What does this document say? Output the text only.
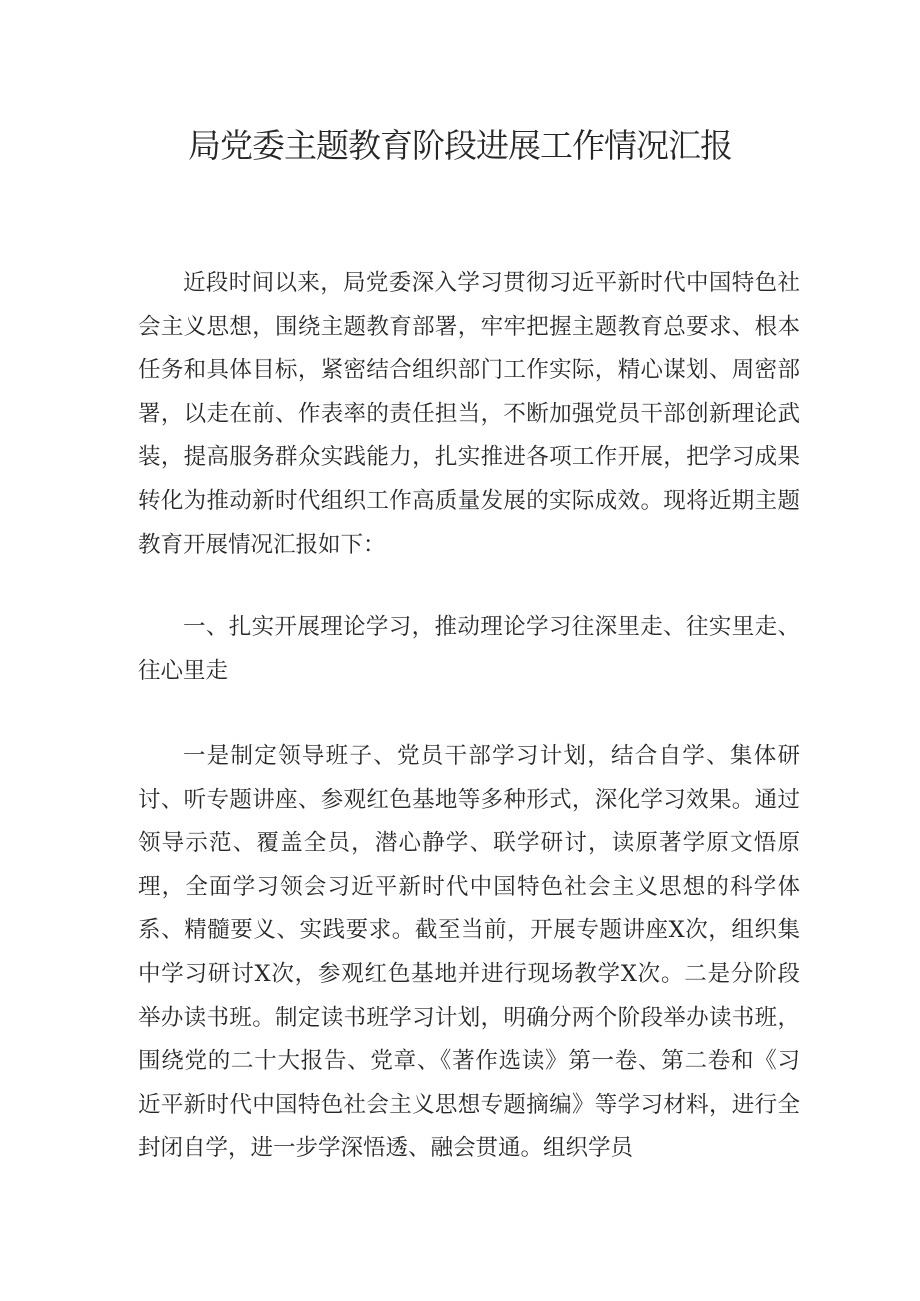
局党委主题教育阶段进展工作情况汇报

近段时间以来，局党委深入学习贯彻习近平新时代中国特色社会主义思想，围绕主题教育部署，牢牢把握主题教育总要求、根本任务和具体目标，紧密结合组织部门工作实际，精心谋划、周密部署，以走在前、作表率的责任担当，不断加强党员干部创新理论武装，提高服务群众实践能力，扎实推进各项工作开展，把学习成果转化为推动新时代组织工作高质量发展的实际成效。现将近期主题教育开展情况汇报如下：

一、扎实开展理论学习，推动理论学习往深里走、往实里走、往心里走

一是制定领导班子、党员干部学习计划，结合自学、集体研讨、听专题讲座、参观红色基地等多种形式，深化学习效果。通过领导示范、覆盖全员，潜心静学、联学研讨，读原著学原文悟原理，全面学习领会习近平新时代中国特色社会主义思想的科学体系、精髓要义、实践要求。截至当前，开展专题讲座X次，组织集中学习研讨X次，参观红色基地并进行现场教学X次。二是分阶段举办读书班。制定读书班学习计划，明确分两个阶段举办读书班，围绕党的二十大报告、党章、《著作选读》第一卷、第二卷和《习近平新时代中国特色社会主义思想专题摘编》等学习材料，进行全封闭自学，进一步学深悟透、融会贯通。组织学员
